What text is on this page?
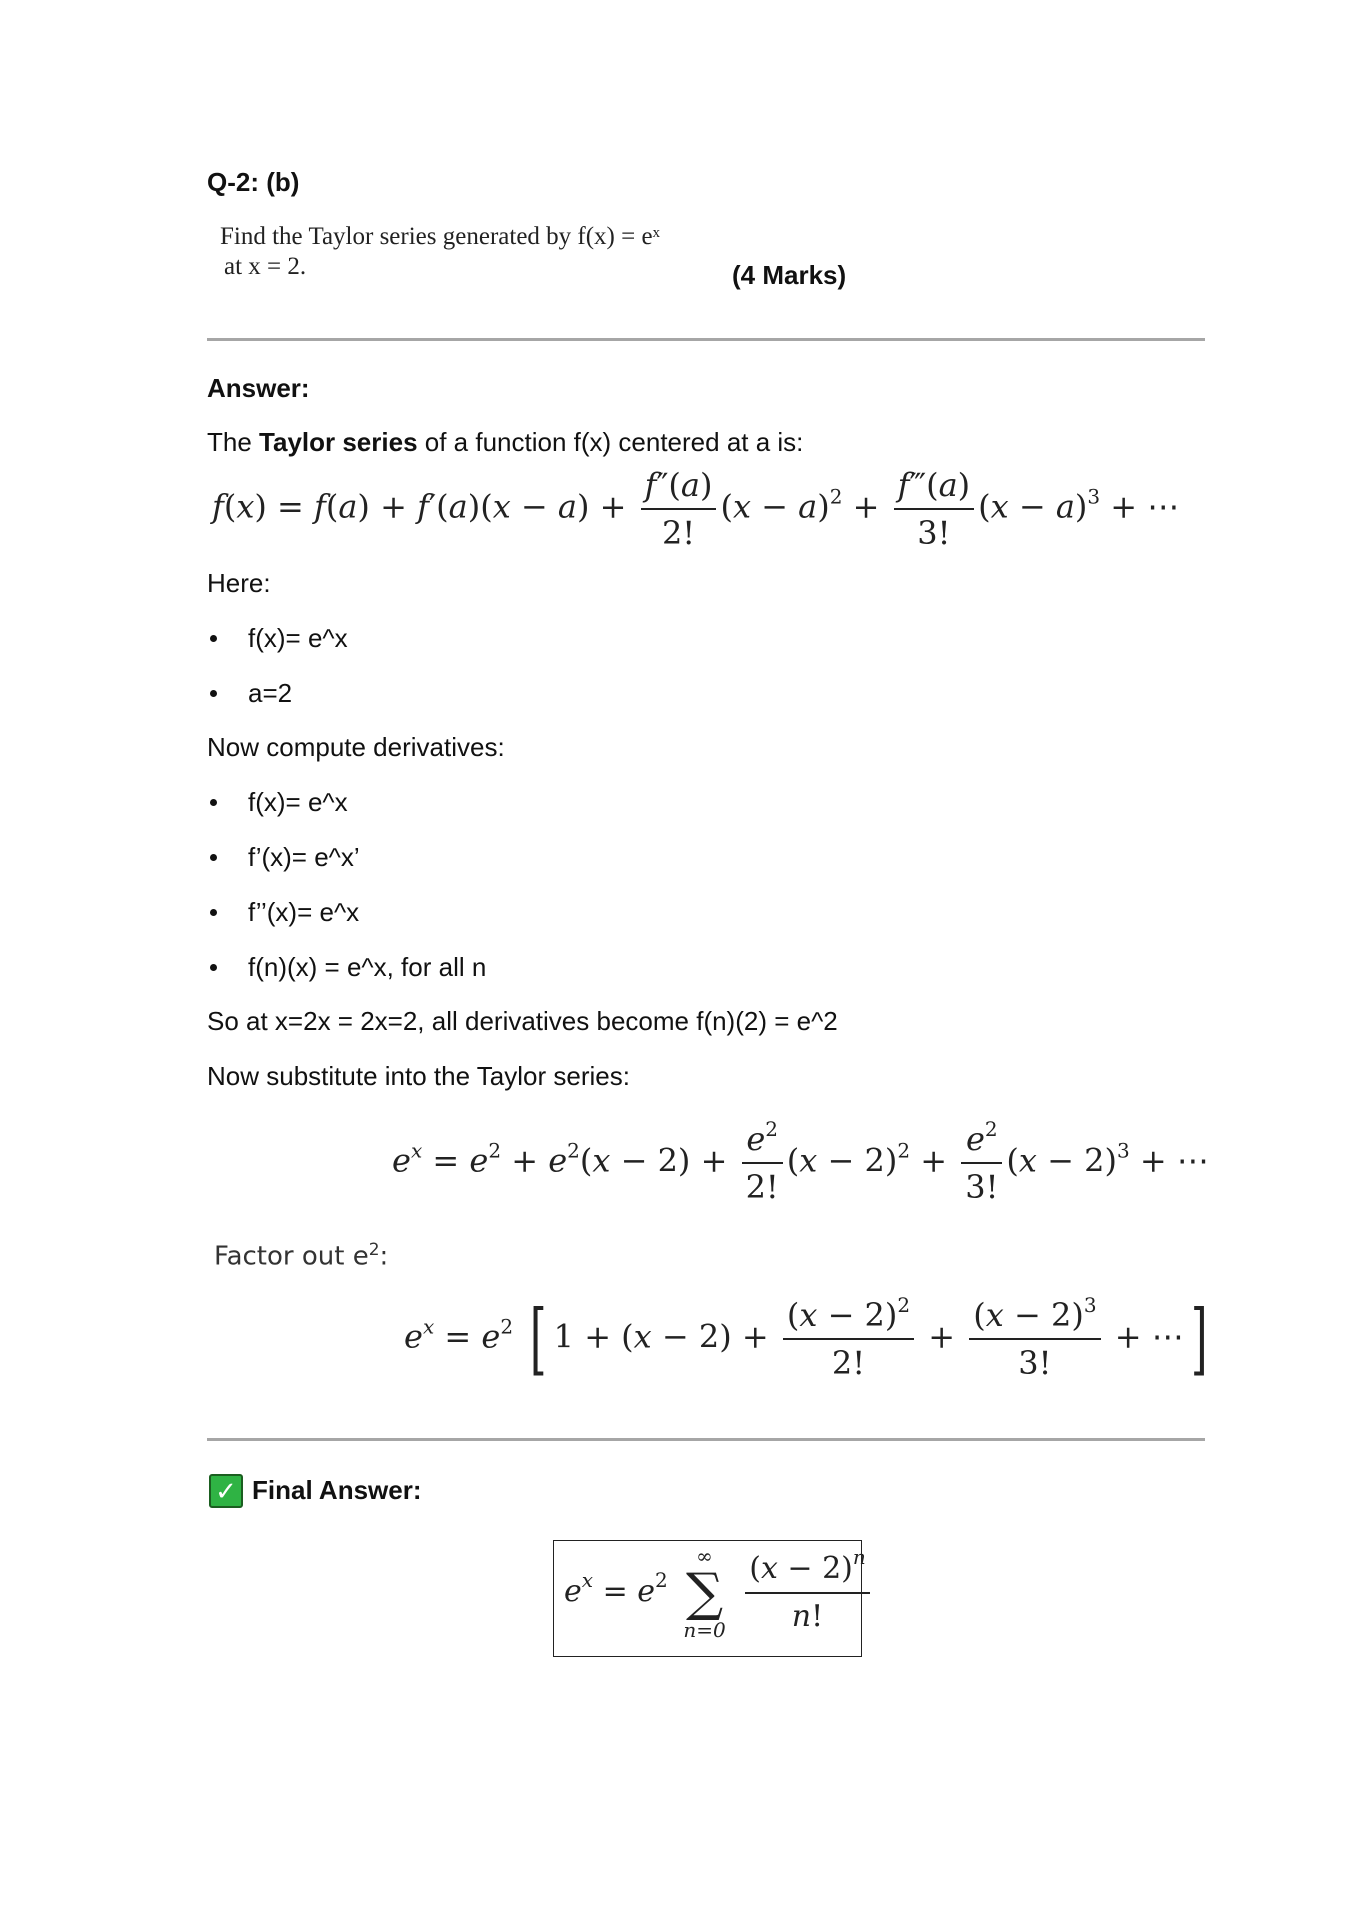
Q-2: (b)
Find the Taylor series generated by f(x) = eˣ
at x = 2.	(4 Marks)
Answer:
The Taylor series of a function f(x) centered at a is:
$f(x) = f(a) + f'(a)(x - a) + \frac{f''(a)}{2!} (x - a)^2 + \frac{f‴(a)}{3!} (x - a)^3$ + ⋯
Here:
f(x)= e^x
a=2
Now compute derivatives:
f(x)= e^x
f’(x)= e^x’
f’’(x)= e^x
f(n)(x) = e^x, for all n
So at x=2x = 2x=2, all derivatives become f(n)(2) = e^2
Now substitute into the Taylor series:
$e^x = e^2 + e^2(x - 2) + \frac{e^2}{2!} (x - 2)^2 + \frac{e^2}{3!} (x - 2)^3$ + ⋯
Factor out $e^2$:
$e^x = e^2$ [ $1 + (x - 2) + \frac{(x - 2)^2}{2!} + \frac{(x - 2)^3}{3!}$ + ⋯]
✓ Final Answer:
$e^x = e^2$
∞
∑
n=0
$\frac{(x - 2)^n}{n!}$
